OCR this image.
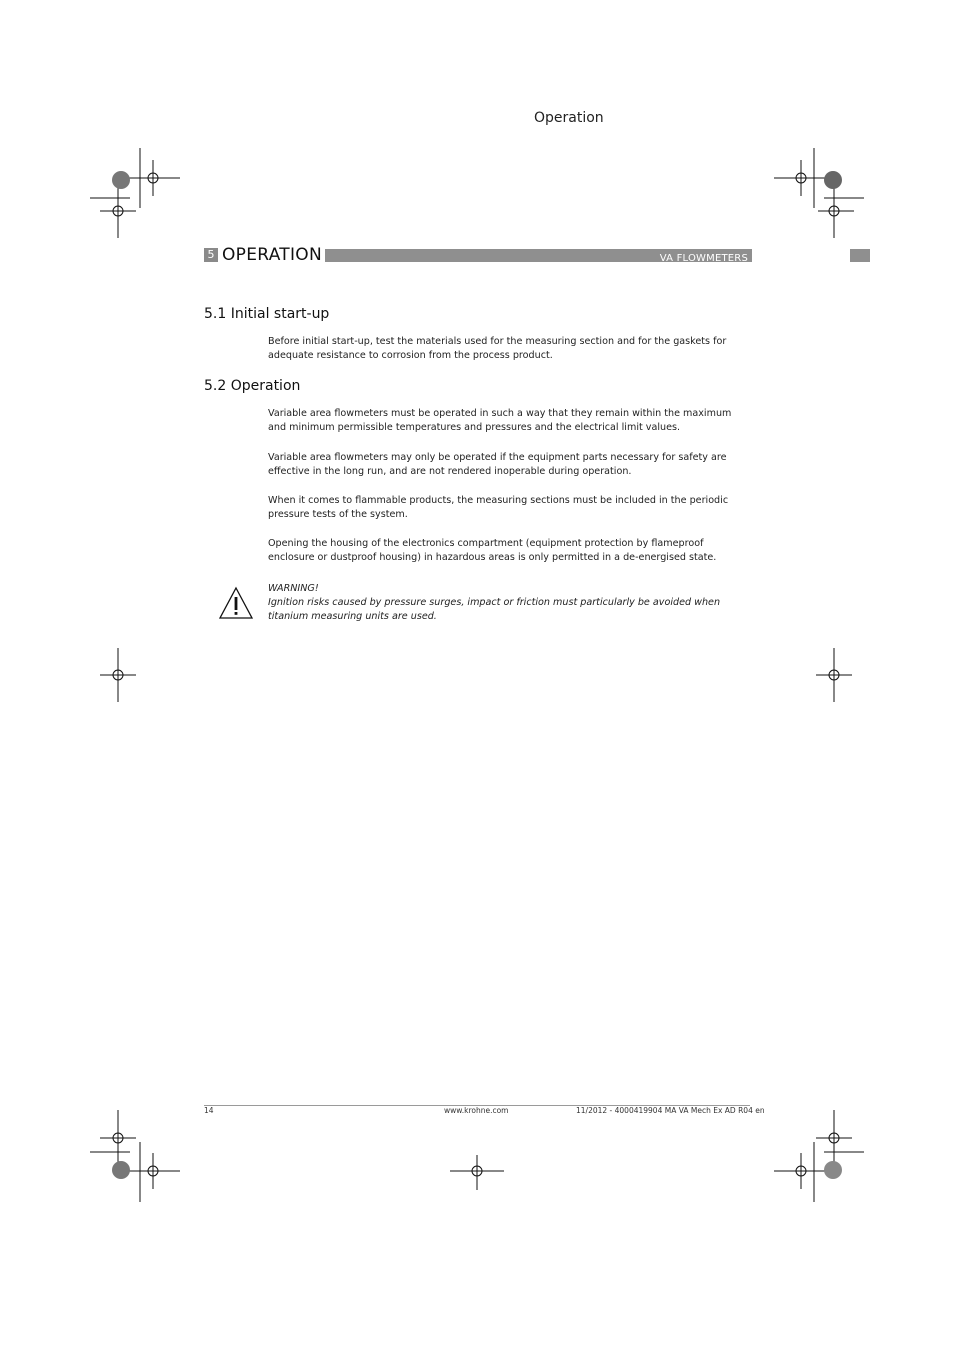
Operation
5 OPERATION	VA FLOWMETERS
5.1 Initial start-up

Before initial start-up, test the materials used for the measuring section and for the gaskets for adequate resistance to corrosion from the process product.

5.2 Operation

Variable area flowmeters must be operated in such a way that they remain within the maximum and minimum permissible temperatures and pressures and the electrical limit values.

Variable area flowmeters may only be operated if the equipment parts necessary for safety are effective in the long run, and are not rendered inoperable during operation.

When it comes to flammable products, the measuring sections must be included in the periodic pressure tests of the system.

Opening the housing of the electronics compartment (equipment protection by flameproof enclosure or dustproof housing) in hazardous areas is only permitted in a de-energised state.

WARNING!
Ignition risks caused by pressure surges, impact or friction must particularly be avoided when titanium measuring units are used.
14	www.krohne.com	11/2012 - 4000419904 MA VA Mech Ex AD R04 en
